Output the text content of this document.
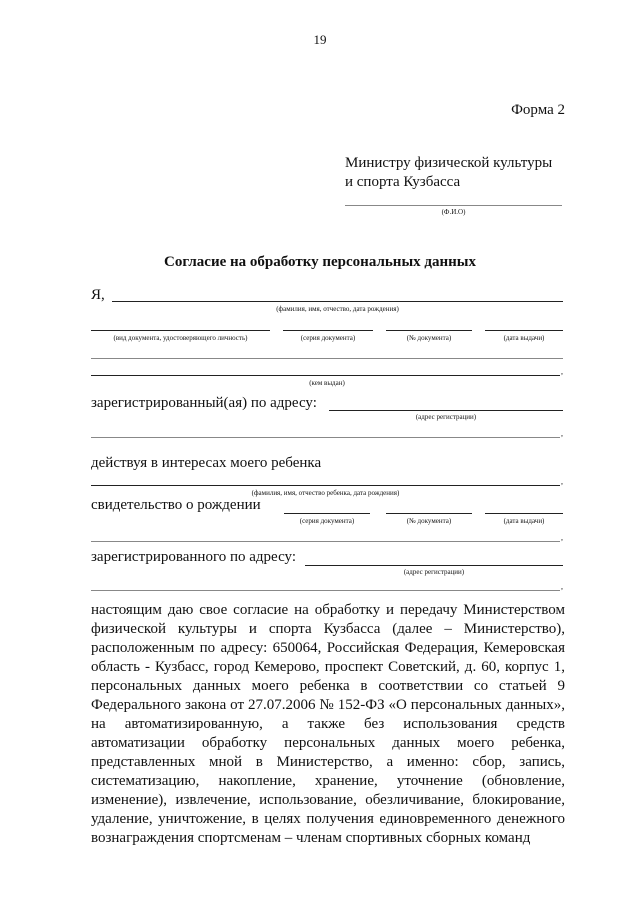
19
Форма 2
Министру физической культуры
и спорта Кузбасса
(Ф.И.О)
Согласие на обработку персональных данных
Я,
(фамилия, имя, отчество, дата рождения)
(вид документа, удостоверяющего личность)	(серия документа)	(№ документа)	(дата выдачи)
,
(кем выдан)
зарегистрированный(ая) по адресу:
(адрес регистрации)
,
действуя в интересах моего ребенка
,
(фамилия, имя, отчество ребенка, дата рождения)
свидетельство о рождении
(серия документа)	(№ документа)	(дата выдачи)
,
зарегистрированного по адресу:
(адрес регистрации)
,
настоящим даю свое согласие на обработку и передачу Министерством физической культуры и спорта Кузбасса (далее – Министерство), расположенным по адресу: 650064, Российская Федерация, Кемеровская область - Кузбасс, город Кемерово, проспект Советский, д. 60, корпус 1, персональных данных моего ребенка в соответствии со статьей 9 Федерального закона от 27.07.2006 № 152-ФЗ «О персональных данных», на автоматизированную, а также без использования средств автоматизации обработку персональных данных моего ребенка, представленных мной в Министерство, а именно: сбор, запись, систематизацию, накопление, хранение, уточнение (обновление, изменение), извлечение, использование, обезличивание, блокирование, удаление, уничтожение, в целях получения единовременного денежного вознаграждения спортсменам – членам спортивных сборных команд
